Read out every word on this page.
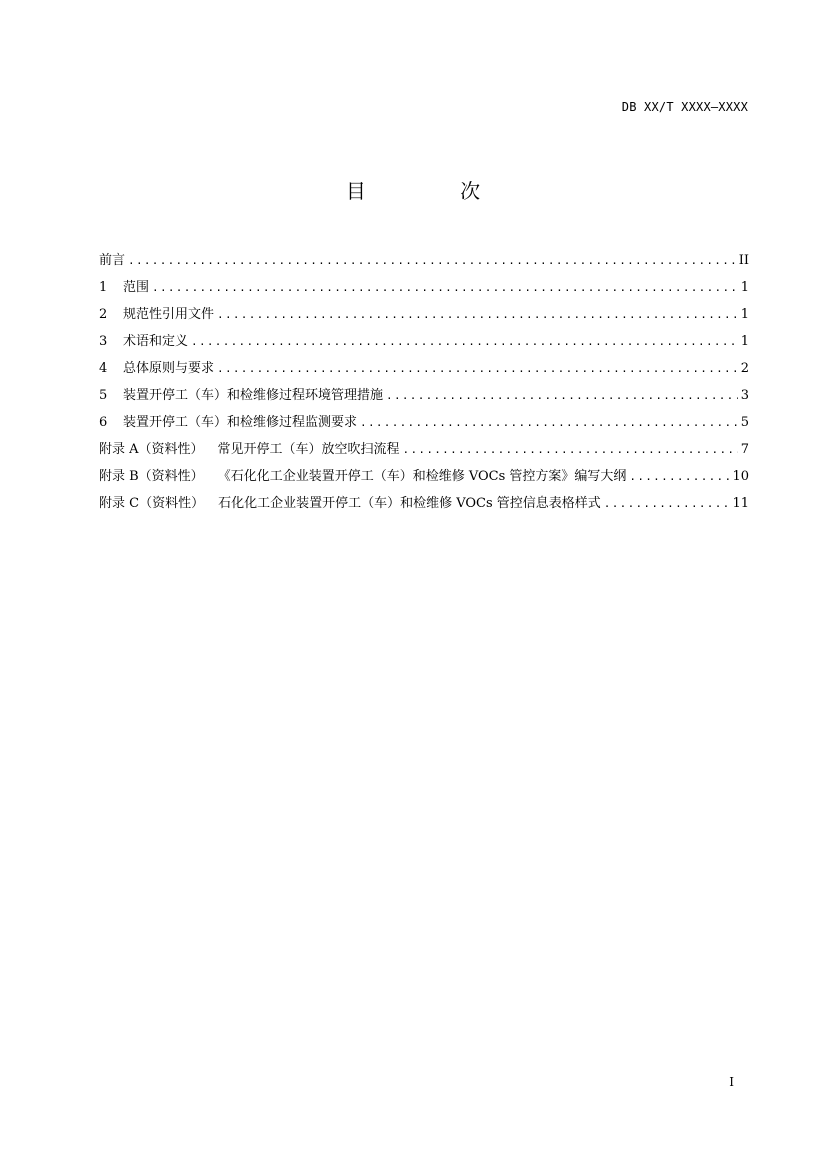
DB XX/T XXXX—XXXX
目 次
前言 .....	II
1 范围 .....	1
2 规范性引用文件 .....	1
3 术语和定义 .....	1
4 总体原则与要求 .....	2
5 装置开停工（车）和检维修过程环境管理措施 .....	3
6 装置开停工（车）和检维修过程监测要求 .....	5
附录 A（资料性） 常见开停工（车）放空吹扫流程 .....	7
附录 B（资料性） 《石化化工企业装置开停工（车）和检维修 VOCs 管控方案》编写大纲 .....	10
附录 C（资料性） 石化化工企业装置开停工（车）和检维修 VOCs 管控信息表格样式 .....	11
I
